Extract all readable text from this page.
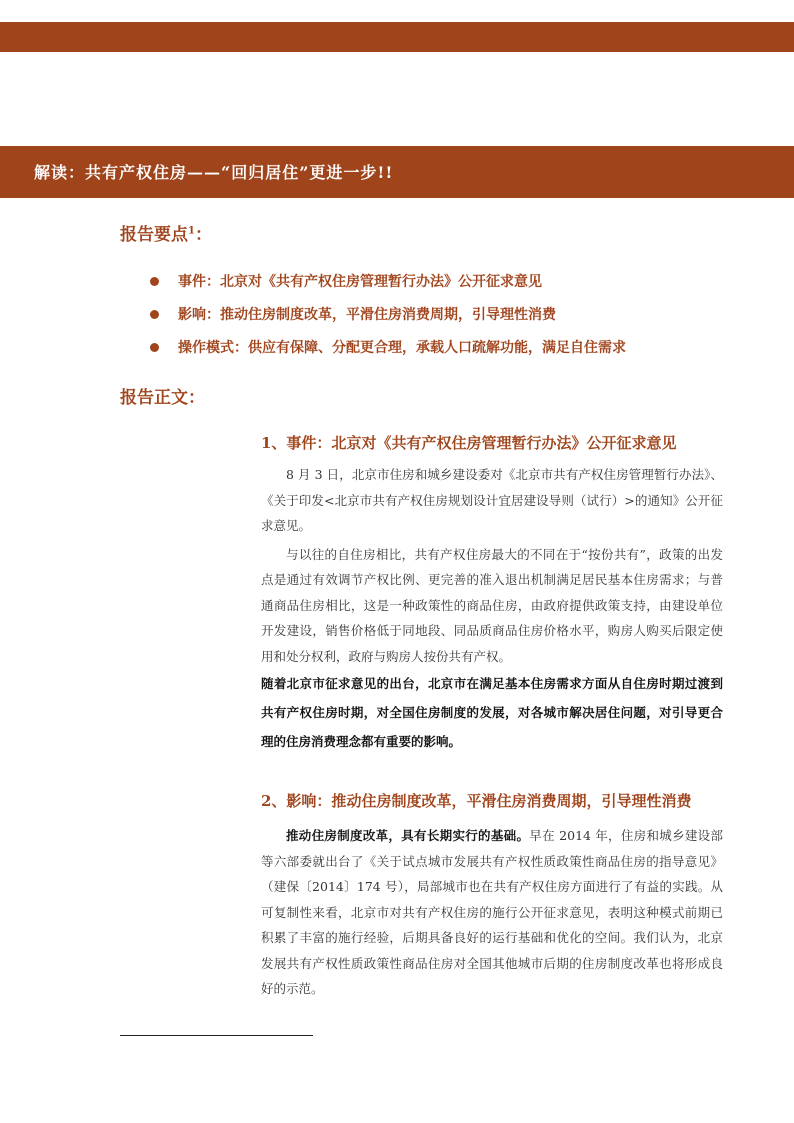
解读：共有产权住房——“回归居住”更进一步!!
报告要点$^1$：
事件：北京对《共有产权住房管理暂行办法》公开征求意见
影响：推动住房制度改革，平滑住房消费周期，引导理性消费
操作模式：供应有保障、分配更合理，承载人口疏解功能，满足自住需求
报告正文：
1、事件：北京对《共有产权住房管理暂行办法》公开征求意见

8 月 3 日，北京市住房和城乡建设委对《北京市共有产权住房管理暂行办法》、《关于印发<北京市共有产权住房规划设计宜居建设导则（试行）>的通知》公开征求意见。

与以往的自住房相比，共有产权住房最大的不同在于“按份共有”，政策的出发点是通过有效调节产权比例、更完善的准入退出机制满足居民基本住房需求；与普通商品住房相比，这是一种政策性的商品住房，由政府提供政策支持，由建设单位开发建设，销售价格低于同地段、同品质商品住房价格水平，购房人购买后限定使用和处分权利，政府与购房人按份共有产权。

随着北京市征求意见的出台，北京市在满足基本住房需求方面从自住房时期过渡到共有产权住房时期，对全国住房制度的发展，对各城市解决居住问题，对引导更合理的住房消费理念都有重要的影响。

2、影响：推动住房制度改革，平滑住房消费周期，引导理性消费

推动住房制度改革，具有长期实行的基础。早在 2014 年，住房和城乡建设部等六部委就出台了《关于试点城市发展共有产权性质政策性商品住房的指导意见》（建保〔2014〕174 号），局部城市也在共有产权住房方面进行了有益的实践。从可复制性来看，北京市对共有产权住房的施行公开征求意见，表明这种模式前期已积累了丰富的施行经验，后期具备良好的运行基础和优化的空间。我们认为，北京发展共有产权性质政策性商品住房对全国其他城市后期的住房制度改革也将形成良好的示范。
